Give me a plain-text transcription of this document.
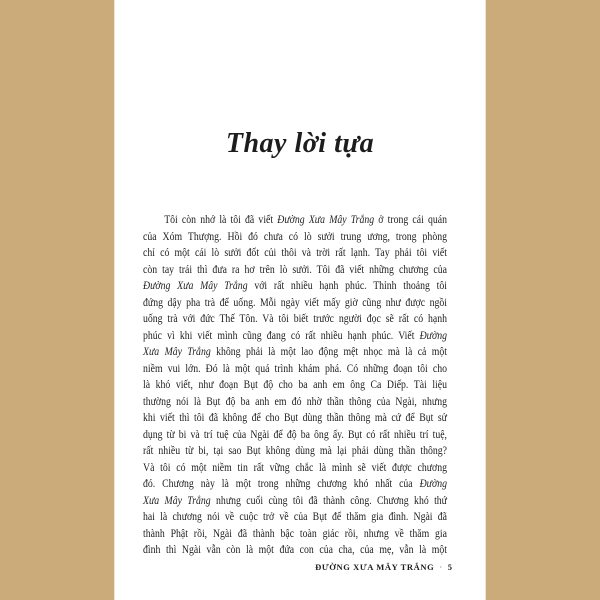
Thay lời tựa
Tôi còn nhớ là tôi đã viết Đường Xưa Mây Trắng ở trong cái quán
của Xóm Thượng. Hồi đó chưa có lò sưởi trung ương, trong phòng
chỉ có một cái lò sưởi đốt củi thôi và trời rất lạnh. Tay phải tôi viết
còn tay trái thì đưa ra hơ trên lò sưởi. Tôi đã viết những chương của
Đường Xưa Mây Trắng với rất nhiều hạnh phúc. Thỉnh thoảng tôi
đứng dậy pha trà để uống. Mỗi ngày viết mấy giờ cũng như được ngồi
uống trà với đức Thế Tôn. Và tôi biết trước người đọc sẽ rất có hạnh
phúc vì khi viết mình cũng đang có rất nhiều hạnh phúc. Viết Đường
Xưa Mây Trắng không phải là một lao động mệt nhọc mà là cả một
niềm vui lớn. Đó là một quá trình khám phá. Có những đoạn tôi cho
là khó viết, như đoạn Bụt độ cho ba anh em ông Ca Diếp. Tài liệu
thường nói là Bụt độ ba anh em đó nhờ thần thông của Ngài, nhưng
khi viết thì tôi đã không để cho Bụt dùng thần thông mà cứ để Bụt sử
dụng từ bi và trí tuệ của Ngài để độ ba ông ấy. Bụt có rất nhiều trí tuệ,
rất nhiều từ bi, tại sao Bụt không dùng mà lại phải dùng thần thông?
Và tôi có một niềm tin rất vững chắc là mình sẽ viết được chương
đó. Chương này là một trong những chương khó nhất của Đường
Xưa Mây Trắng nhưng cuối cùng tôi đã thành công. Chương khó thứ
hai là chương nói về cuộc trở về của Bụt để thăm gia đình. Ngài đã
thành Phật rồi, Ngài đã thành bậc toàn giác rồi, nhưng về thăm gia
đình thì Ngài vẫn còn là một đứa con của cha, của mẹ, vẫn là một
ĐƯỜNG XƯA MÂY TRẮNG · 5
